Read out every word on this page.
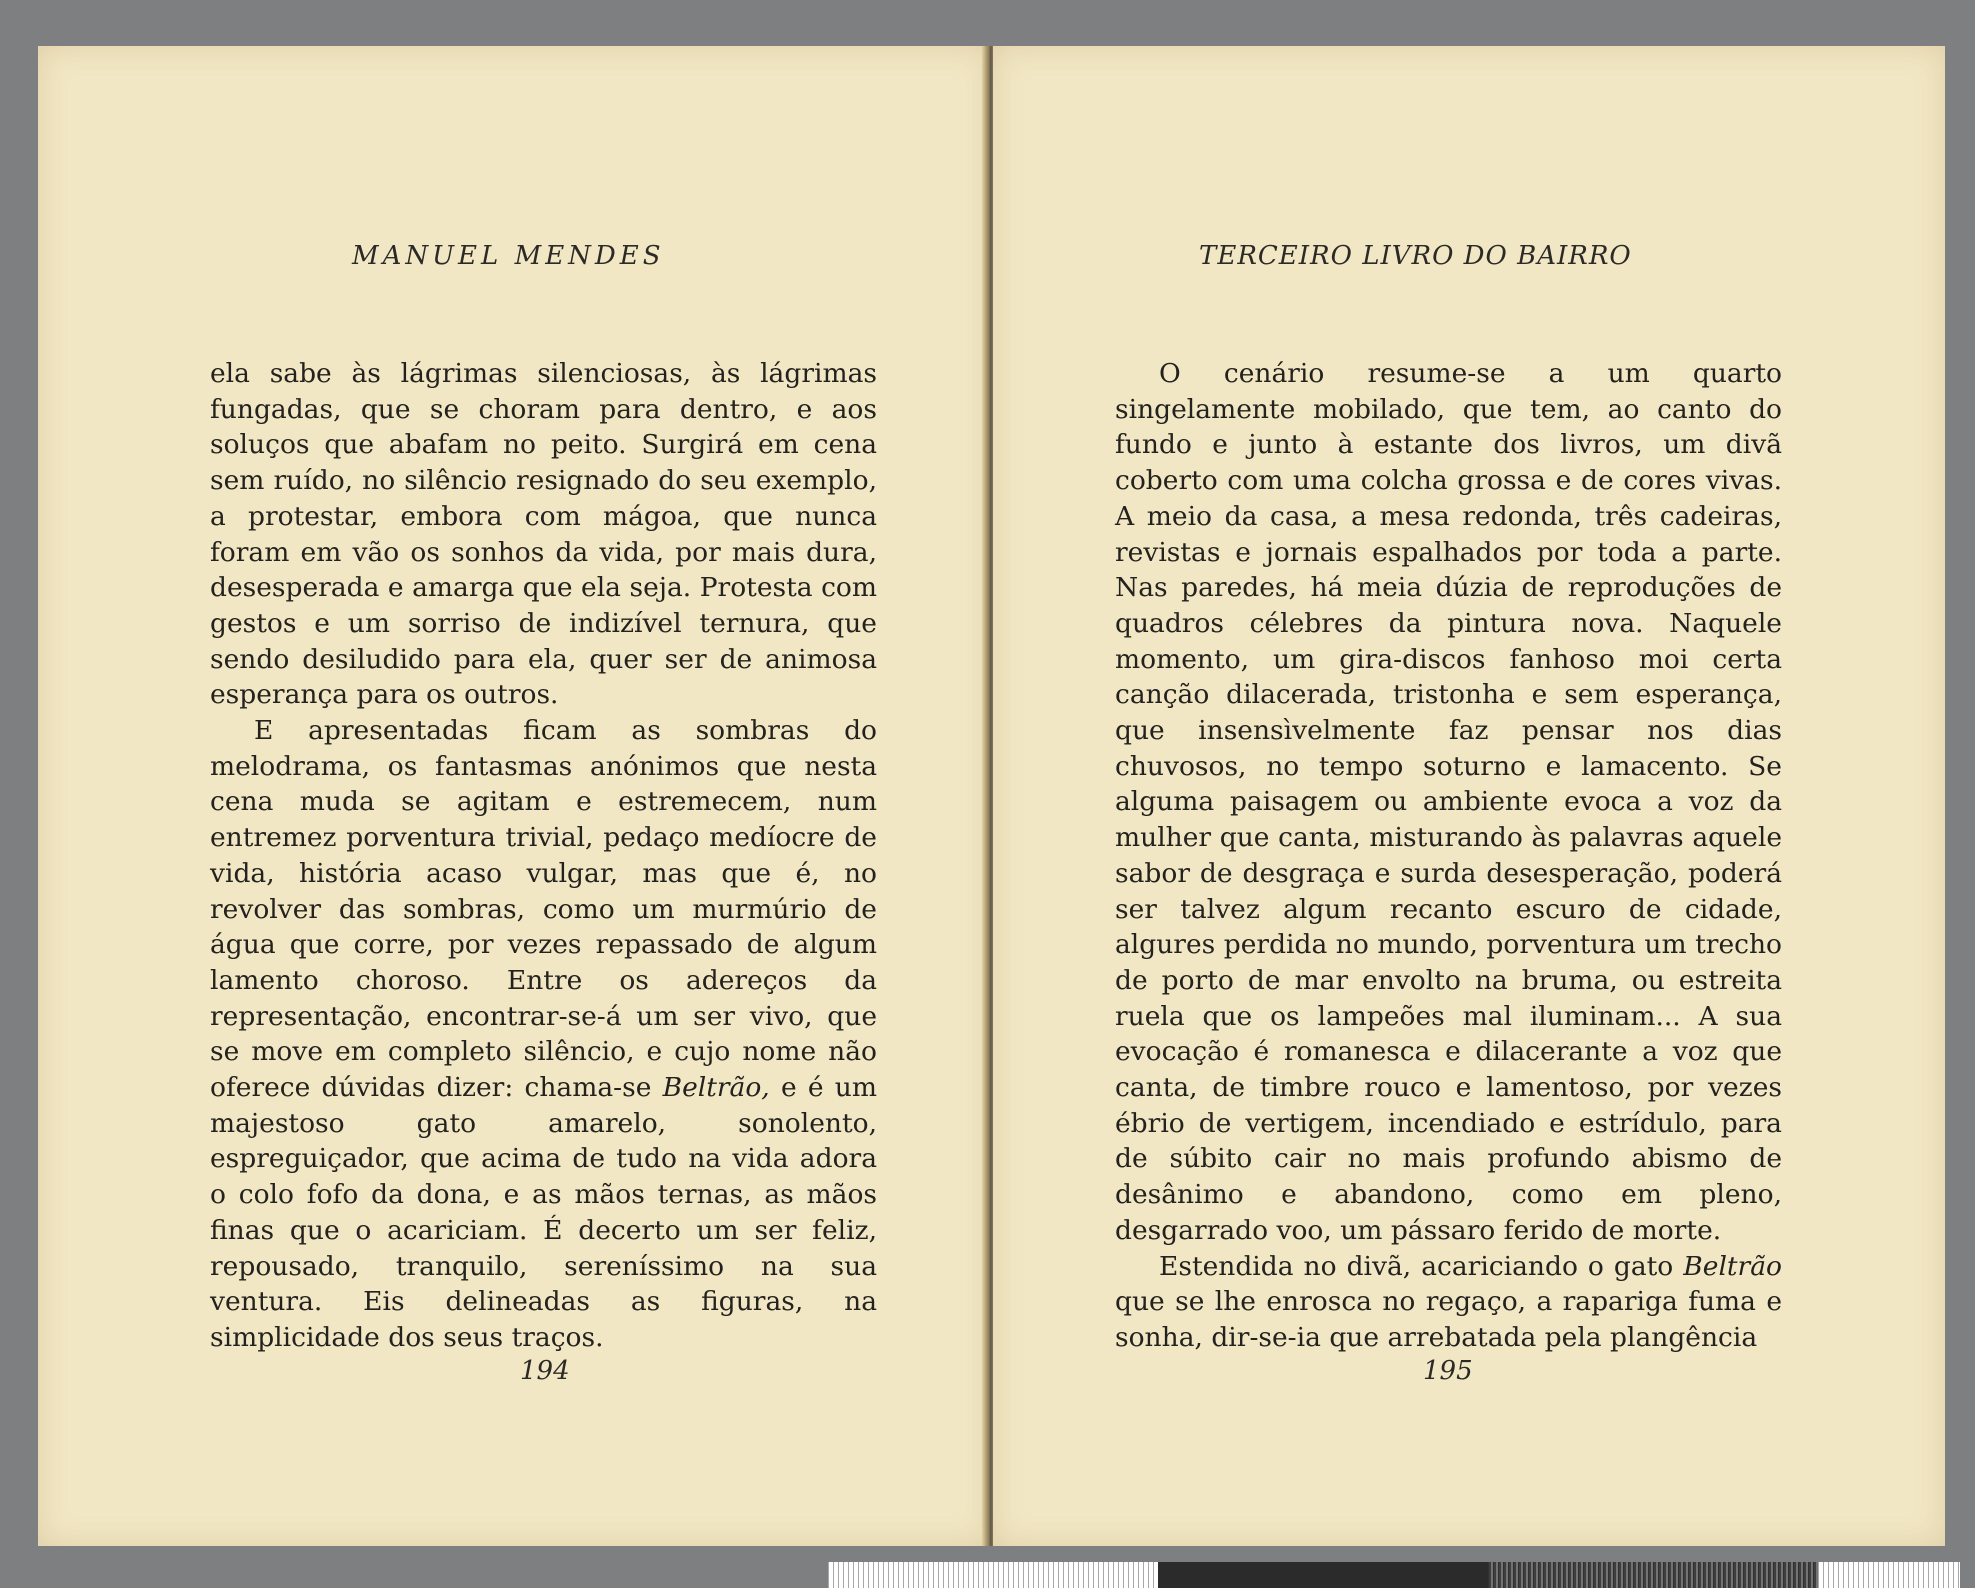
MANUEL MENDES

ela sabe às lágrimas silenciosas, às lágrimas fungadas, que se choram para dentro, e aos soluços que abafam no peito. Surgirá em cena sem ruído, no silêncio resignado do seu exemplo, a protestar, embora com mágoa, que nunca foram em vão os sonhos da vida, por mais dura, desesperada e amarga que ela seja. Protesta com gestos e um sorriso de indizível ternura, que sendo desiludido para ela, quer ser de animosa esperança para os outros.

E apresentadas ficam as sombras do melodrama, os fantasmas anónimos que nesta cena muda se agitam e estremecem, num entremez porventura trivial, pedaço medíocre de vida, história acaso vulgar, mas que é, no revolver das sombras, como um murmúrio de água que corre, por vezes repassado de algum lamento choroso. Entre os adereços da representação, encontrar-se-á um ser vivo, que se move em completo silêncio, e cujo nome não oferece dúvidas dizer: chama-se Beltrão, e é um majestoso gato amarelo, sonolento, espreguiçador, que acima de tudo na vida adora o colo fofo da dona, e as mãos ternas, as mãos finas que o acariciam. É decerto um ser feliz, repousado, tranquilo, sereníssimo na sua ventura. Eis delineadas as figuras, na simplicidade dos seus traços.

194
TERCEIRO LIVRO DO BAIRRO

O cenário resume-se a um quarto singelamente mobilado, que tem, ao canto do fundo e junto à estante dos livros, um divã coberto com uma colcha grossa e de cores vivas. A meio da casa, a mesa redonda, três cadeiras, revistas e jornais espalhados por toda a parte. Nas paredes, há meia dúzia de reproduções de quadros célebres da pintura nova. Naquele momento, um gira-discos fanhoso moi certa canção dilacerada, tristonha e sem esperança, que insensìvelmente faz pensar nos dias chuvosos, no tempo soturno e lamacento. Se alguma paisagem ou ambiente evoca a voz da mulher que canta, misturando às palavras aquele sabor de desgraça e surda desesperação, poderá ser talvez algum recanto escuro de cidade, algures perdida no mundo, porventura um trecho de porto de mar envolto na bruma, ou estreita ruela que os lampeões mal iluminam... A sua evocação é romanesca e dilacerante a voz que canta, de timbre rouco e lamentoso, por vezes ébrio de vertigem, incendiado e estrídulo, para de súbito cair no mais profundo abismo de desânimo e abandono, como em pleno, desgarrado voo, um pássaro ferido de morte.

Estendida no divã, acariciando o gato Beltrão que se lhe enrosca no regaço, a rapariga fuma e sonha, dir-se-ia que arrebatada pela plangência

195
